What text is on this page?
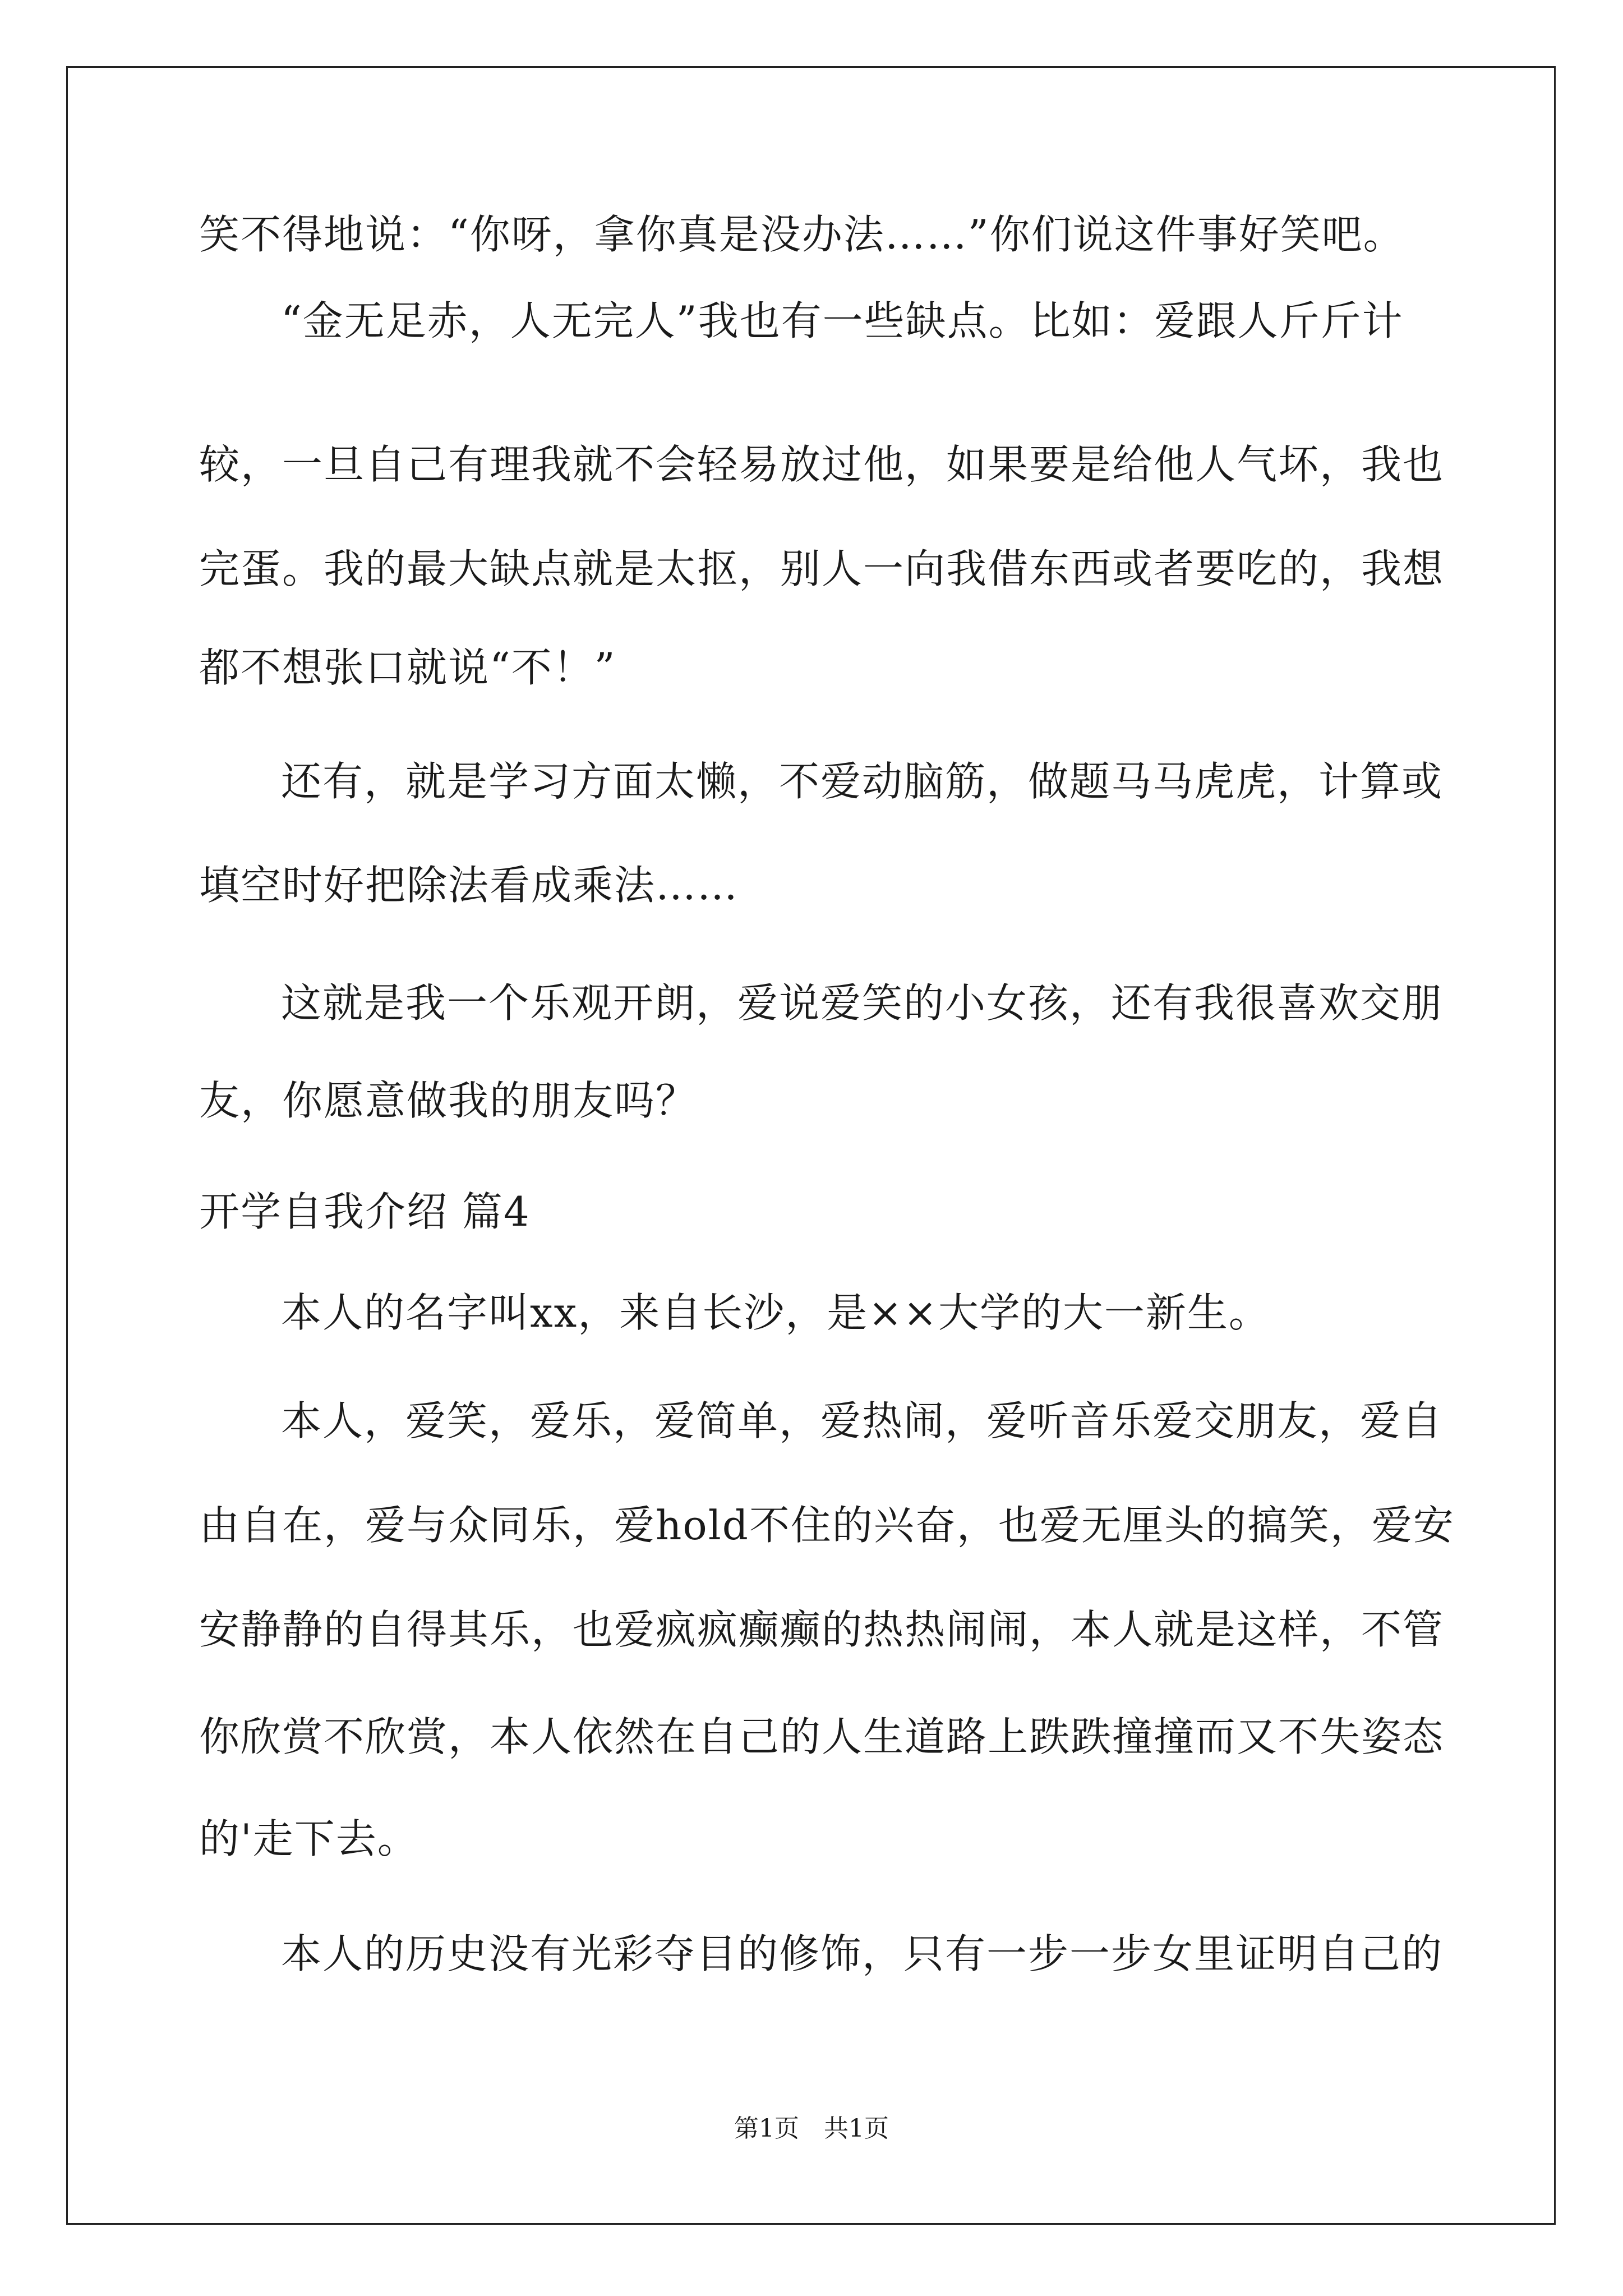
笑不得地说：“你呀，拿你真是没办法……”你们说这件事好笑吧。
“金无足赤，人无完人”我也有一些缺点。比如：爱跟人斤斤计
较，一旦自己有理我就不会轻易放过他，如果要是给他人气坏，我也
完蛋。我的最大缺点就是太抠，别人一向我借东西或者要吃的，我想
都不想张口就说“不！”
还有，就是学习方面太懒，不爱动脑筋，做题马马虎虎，计算或
填空时好把除法看成乘法……
这就是我一个乐观开朗，爱说爱笑的小女孩，还有我很喜欢交朋
友，你愿意做我的朋友吗？
开学自我介绍 篇4
本人的名字叫xx，来自长沙，是××大学的大一新生。
本人，爱笑，爱乐，爱简单，爱热闹，爱听音乐爱交朋友，爱自
由自在，爱与众同乐，爱hold不住的兴奋，也爱无厘头的搞笑，爱安
安静静的自得其乐，也爱疯疯癫癫的热热闹闹，本人就是这样，不管
你欣赏不欣赏，本人依然在自己的人生道路上跌跌撞撞而又不失姿态
的'走下去。
本人的历史没有光彩夺目的修饰，只有一步一步女里证明自己的
第1页　共1页
